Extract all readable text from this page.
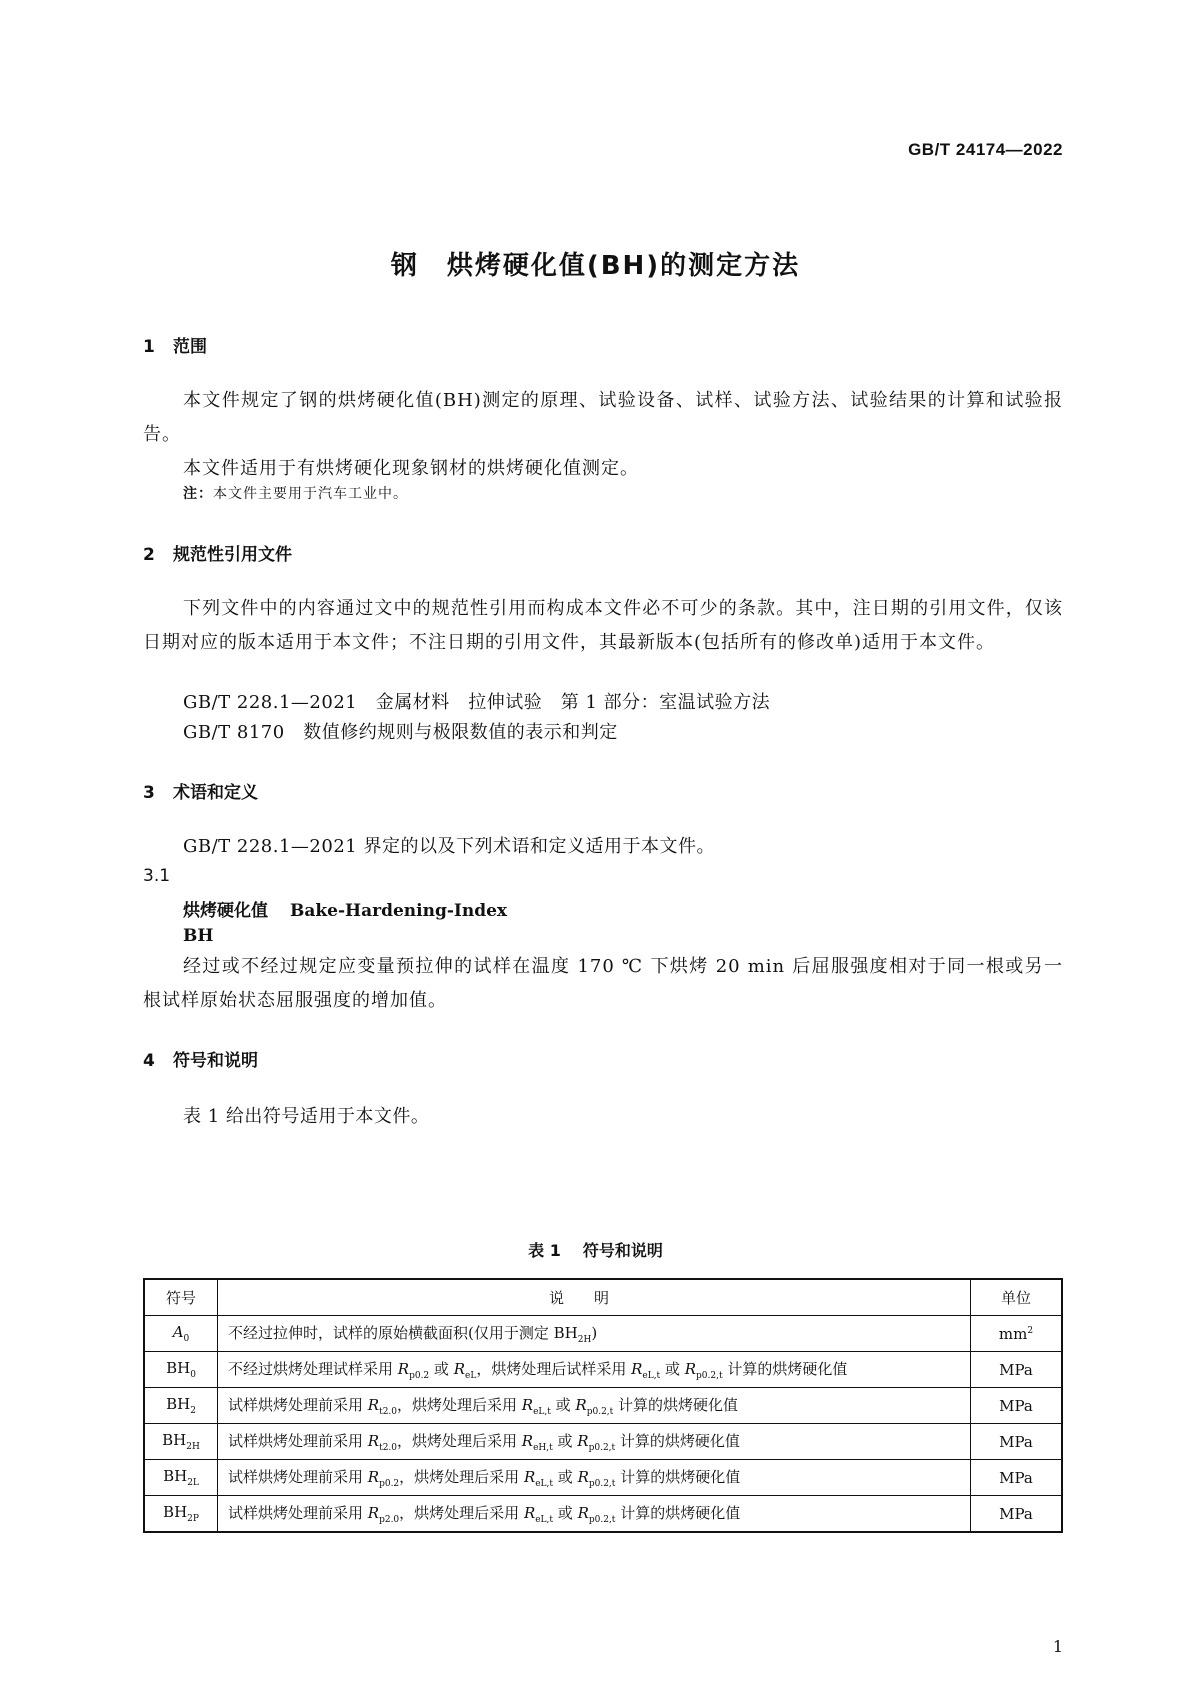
GB/T 24174—2022
钢 烘烤硬化值(BH)的测定方法
1 范围
本文件规定了钢的烘烤硬化值(BH)测定的原理、试验设备、试样、试验方法、试验结果的计算和试验报告。
本文件适用于有烘烤硬化现象钢材的烘烤硬化值测定。
注：本文件主要用于汽车工业中。
2 规范性引用文件
下列文件中的内容通过文中的规范性引用而构成本文件必不可少的条款。其中，注日期的引用文件，仅该日期对应的版本适用于本文件；不注日期的引用文件，其最新版本(包括所有的修改单)适用于本文件。
GB/T 228.1—2021　金属材料　拉伸试验　第 1 部分：室温试验方法
GB/T 8170　数值修约规则与极限数值的表示和判定
3 术语和定义
GB/T 228.1—2021 界定的以及下列术语和定义适用于本文件。
3.1
烘烤硬化值 Bake-Hardening-Index
BH
经过或不经过规定应变量预拉伸的试样在温度 170 ℃ 下烘烤 20 min 后屈服强度相对于同一根或另一根试样原始状态屈服强度的增加值。
4 符号和说明
表 1 给出符号适用于本文件。
表 1 符号和说明
符号	说明	单位
$A_0$	不经过拉伸时，试样的原始横截面积(仅用于测定 $BH_{2H}$)	$mm^2$
$BH_0$	不经过烘烤处理试样采用 $R_{p0.2}$ 或 $R_{eL}$，烘烤处理后试样采用 $R_{eL,t}$ 或 $R_{p0.2,t}$ 计算的烘烤硬化值	MPa
$BH_2$	试样烘烤处理前采用 $R_{t2.0}$，烘烤处理后采用 $R_{eL,t}$ 或 $R_{p0.2,t}$ 计算的烘烤硬化值	MPa
$BH_{2H}$	试样烘烤处理前采用 $R_{t2.0}$，烘烤处理后采用 $R_{eH,t}$ 或 $R_{p0.2,t}$ 计算的烘烤硬化值	MPa
$BH_{2L}$	试样烘烤处理前采用 $R_{p0.2}$，烘烤处理后采用 $R_{eL,t}$ 或 $R_{p0.2,t}$ 计算的烘烤硬化值	MPa
$BH_{2P}$	试样烘烤处理前采用 $R_{p2.0}$，烘烤处理后采用 $R_{eL,t}$ 或 $R_{p0.2,t}$ 计算的烘烤硬化值	MPa
1
